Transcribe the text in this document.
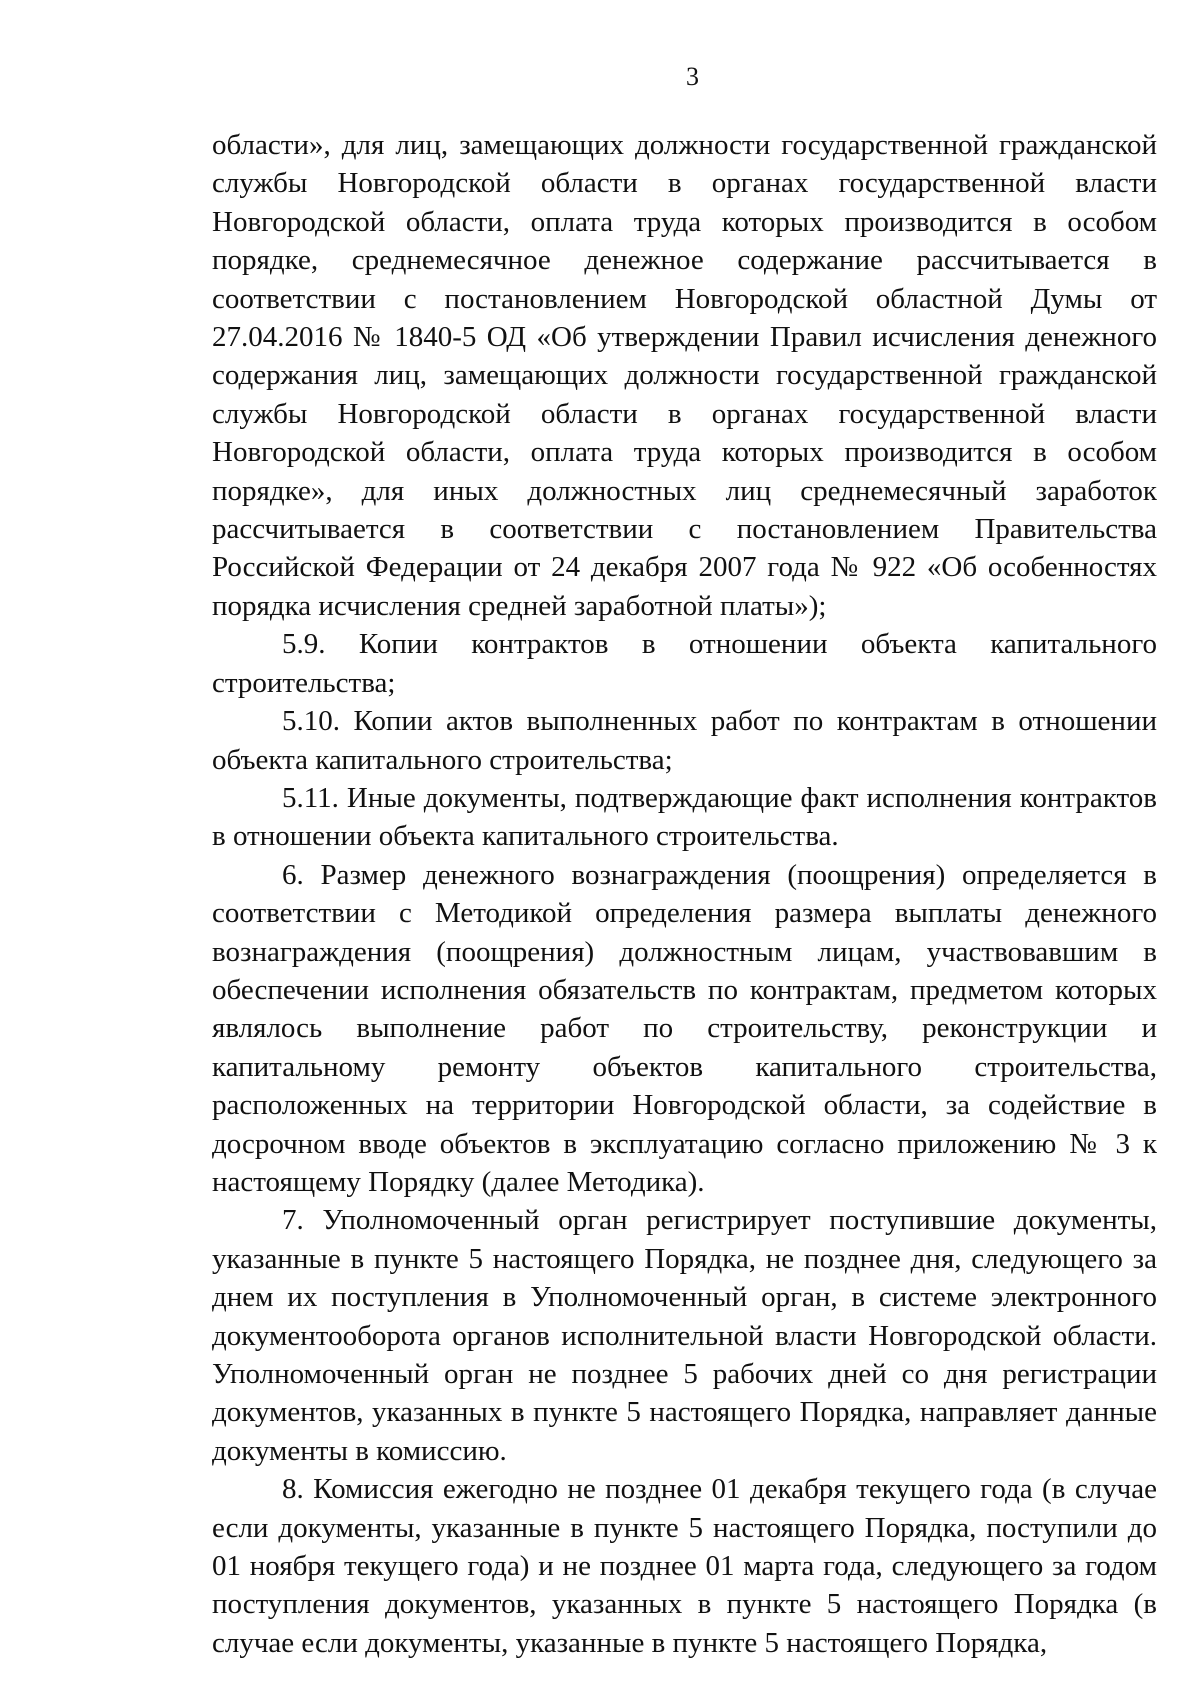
3

области», для лиц, замещающих должности государственной гражданской службы Новгородской области в органах государственной власти Новгородской области, оплата труда которых производится в особом порядке, среднемесячное денежное содержание рассчитывается в соответствии с постановлением Новгородской областной Думы от 27.04.2016 № 1840-5 ОД «Об утверждении Правил исчисления денежного содержания лиц, замещающих должности государственной гражданской службы Новгородской области в органах государственной власти Новгородской области, оплата труда которых производится в особом порядке», для иных должностных лиц среднемесячный заработок рассчитывается в соответствии с постановлением Правительства Российской Федерации от 24 декабря 2007 года № 922 «Об особенностях порядка исчисления средней заработной платы»);

5.9. Копии контрактов в отношении объекта капитального строительства;

5.10. Копии актов выполненных работ по контрактам в отношении объекта капитального строительства;

5.11. Иные документы, подтверждающие факт исполнения контрактов в отношении объекта капитального строительства.

6. Размер денежного вознаграждения (поощрения) определяется в соответствии с Методикой определения размера выплаты денежного вознаграждения (поощрения) должностным лицам, участвовавшим в обеспечении исполнения обязательств по контрактам, предметом которых являлось выполнение работ по строительству, реконструкции и капитальному ремонту объектов капитального строительства, расположенных на территории Новгородской области, за содействие в досрочном вводе объектов в эксплуатацию согласно приложению № 3 к настоящему Порядку (далее Методика).

7. Уполномоченный орган регистрирует поступившие документы, указанные в пункте 5 настоящего Порядка, не позднее дня, следующего за днем их поступления в Уполномоченный орган, в системе электронного документооборота органов исполнительной власти Новгородской области. Уполномоченный орган не позднее 5 рабочих дней со дня регистрации документов, указанных в пункте 5 настоящего Порядка, направляет данные документы в комиссию.

8. Комиссия ежегодно не позднее 01 декабря текущего года (в случае если документы, указанные в пункте 5 настоящего Порядка, поступили до 01 ноября текущего года) и не позднее 01 марта года, следующего за годом поступления документов, указанных в пункте 5 настоящего Порядка (в случае если документы, указанные в пункте 5 настоящего Порядка,
